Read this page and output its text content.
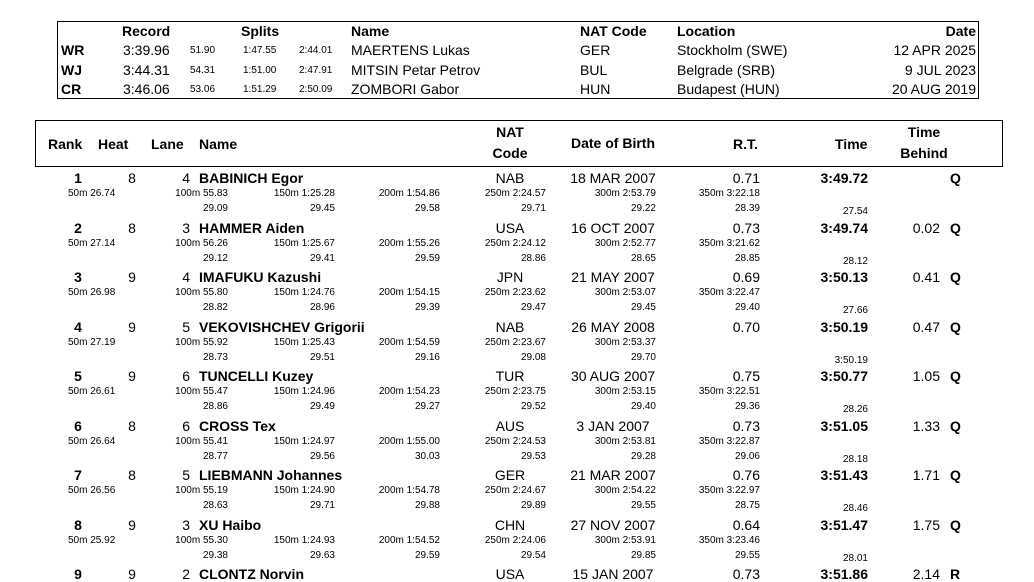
Record	Splits	Name	NAT Code Location	Date
WR	3:39.96 51.90	1:47.55 2:44.01 MAERTENS Lukas	GER	Stockholm (SWE)	12 APR 2025
WJ	3:44.31 54.31	1:51.00 2:47.91 MITSIN Petar Petrov	BUL	Belgrade (SRB)	9 JUL 2023
CR	3:46.06 53.06	1:51.29 2:50.09 ZOMBORI Gabor	HUN	Budapest (HUN)	20 AUG 2019
Rank Heat Lane Name
NAT
Code
Date of Birth	R.T.	Time
Time
Behind
1	8	4 BABINICH Egor	NAB	18 MAR 2007	0.71	3:49.72	Q
50m 26.74	100m 55.83	150m 1:25.28	200m 1:54.86	250m 2:24.57	300m 2:53.79	350m 3:22.18
29.09	29.45	29.58	29.71	29.22	28.39	27.54
2	8	3 HAMMER Aiden	USA	16 OCT 2007	0.73	3:49.74	0.02 Q
50m 27.14	100m 56.26	150m 1:25.67	200m 1:55.26	250m 2:24.12	300m 2:52.77	350m 3:21.62
29.12	29.41	29.59	28.86	28.65	28.85	28.12
3	9	4 IMAFUKU Kazushi	JPN	21 MAY 2007	0.69	3:50.13	0.41 Q
50m 26.98	100m 55.80	150m 1:24.76	200m 1:54.15	250m 2:23.62	300m 2:53.07	350m 3:22.47
28.82	28.96	29.39	29.47	29.45	29.40	27.66
4	9	5 VEKOVISHCHEV Grigorii	NAB	26 MAY 2008	0.70	3:50.19	0.47 Q
50m 27.19	100m 55.92	150m 1:25.43	200m 1:54.59	250m 2:23.67	300m 2:53.37
28.73	29.51	29.16	29.08	29.70	3:50.19
5	9	6 TUNCELLI Kuzey	TUR	30 AUG 2007	0.75	3:50.77	1.05 Q
50m 26.61	100m 55.47	150m 1:24.96	200m 1:54.23	250m 2:23.75	300m 2:53.15	350m 3:22.51
28.86	29.49	29.27	29.52	29.40	29.36	28.26
6	8	6 CROSS Tex	AUS	3 JAN 2007	0.73	3:51.05	1.33 Q
50m 26.64	100m 55.41	150m 1:24.97	200m 1:55.00	250m 2:24.53	300m 2:53.81	350m 3:22.87
28.77	29.56	30.03	29.53	29.28	29.06	28.18
7	8	5 LIEBMANN Johannes	GER	21 MAR 2007	0.76	3:51.43	1.71 Q
50m 26.56	100m 55.19	150m 1:24.90	200m 1:54.78	250m 2:24.67	300m 2:54.22	350m 3:22.97
28.63	29.71	29.88	29.89	29.55	28.75	28.46
8	9	3 XU Haibo	CHN	27 NOV 2007	0.64	3:51.47	1.75 Q
50m 25.92	100m 55.30	150m 1:24.93	200m 1:54.52	250m 2:24.06	300m 2:53.91	350m 3:23.46
29.38	29.63	29.59	29.54	29.85	29.55	28.01
9	9	2 CLONTZ Norvin	USA	15 JAN 2007	0.73	3:51.86	2.14 R
